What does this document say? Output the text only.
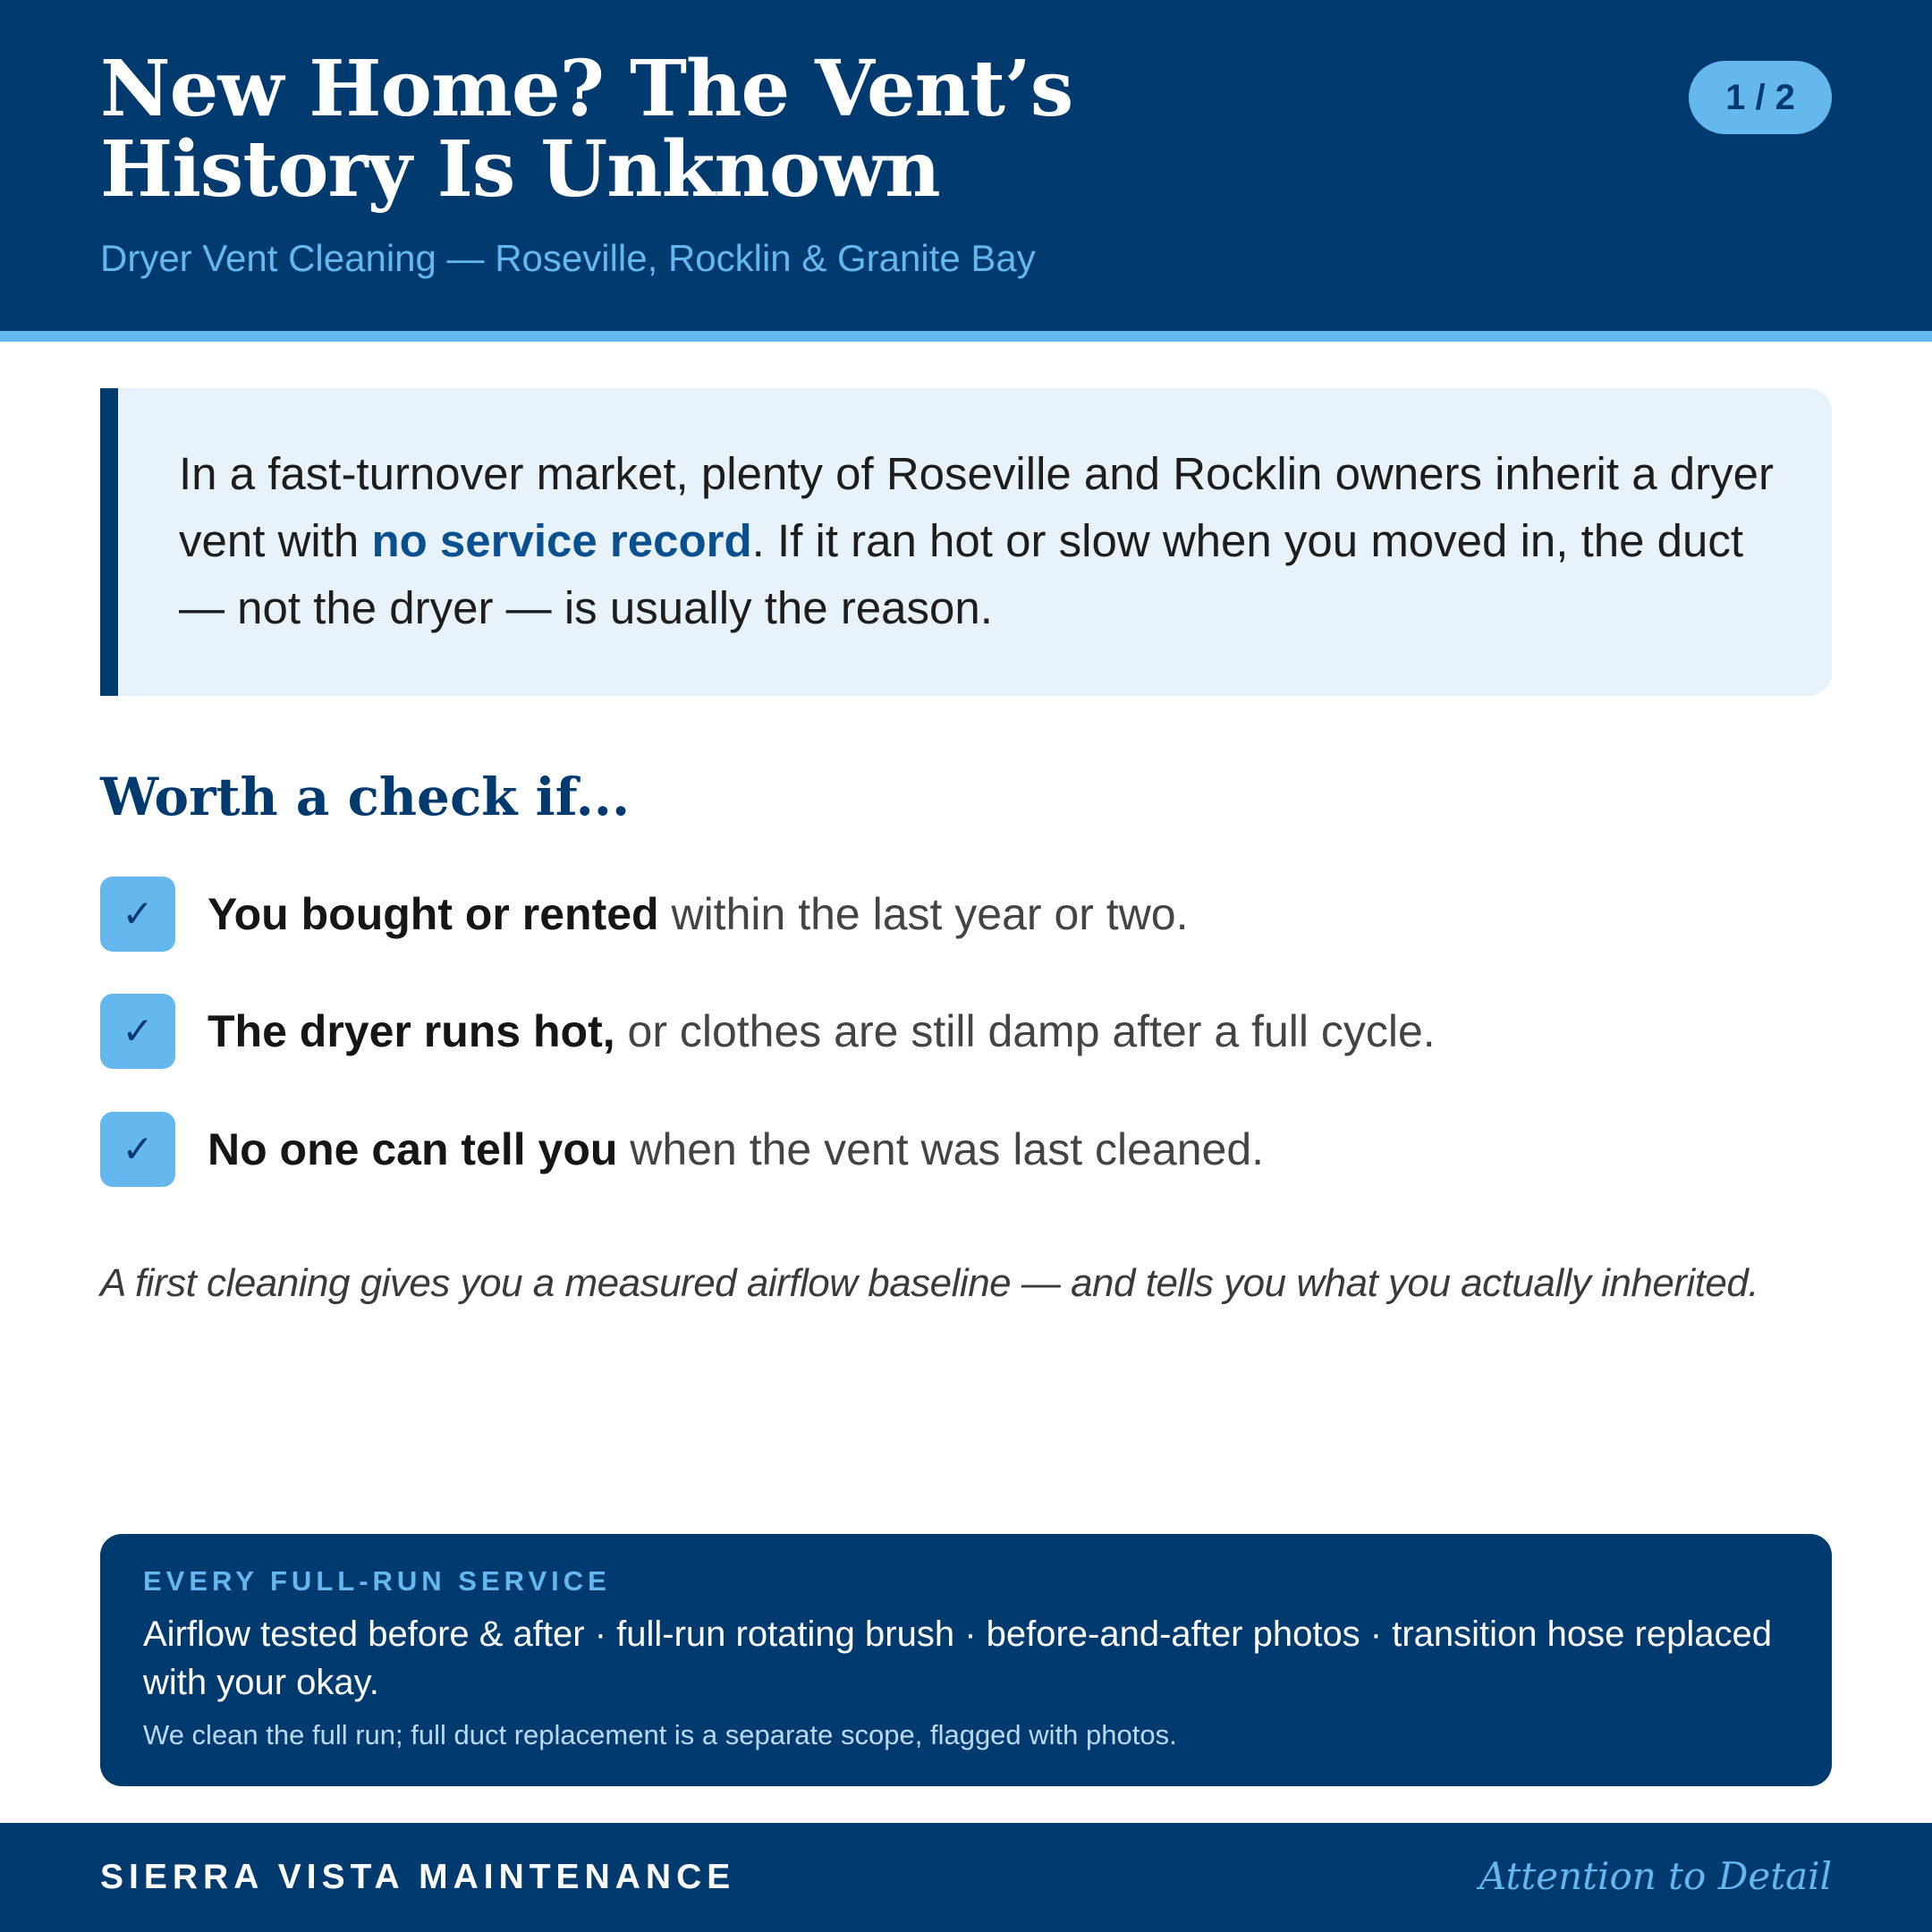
New Home? The Vent’s
History Is Unknown
Dryer Vent Cleaning — Roseville, Rocklin & Granite Bay
1 / 2

In a fast-turnover market, plenty of Roseville and Rocklin owners inherit a dryer vent with no service record. If it ran hot or slow when you moved in, the duct — not the dryer — is usually the reason.

Worth a check if...
✓	You bought or rented within the last year or two.
✓	The dryer runs hot, or clothes are still damp after a full cycle.
✓	No one can tell you when the vent was last cleaned.

A first cleaning gives you a measured airflow baseline — and tells you what you actually inherited.

EVERY FULL-RUN SERVICE

Airflow tested before & after · full-run rotating brush · before-and-after photos · transition hose replaced with your okay.

We clean the full run; full duct replacement is a separate scope, flagged with photos.

SIERRA VISTA MAINTENANCE	Attention to Detail
